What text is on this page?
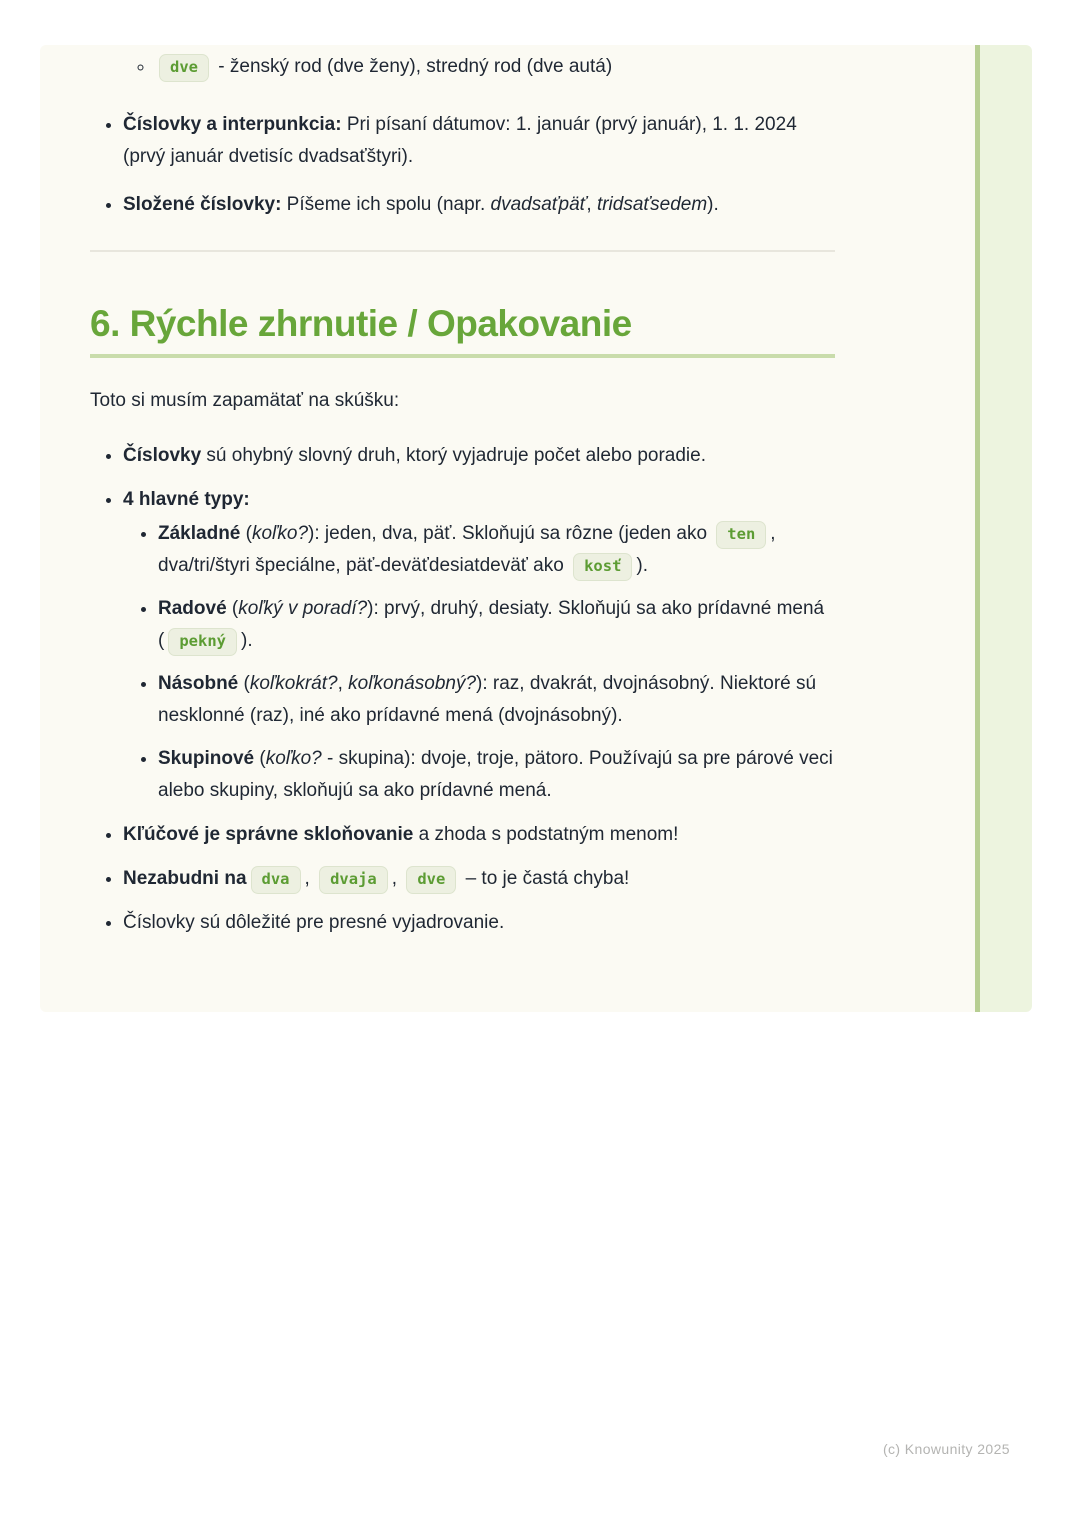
◦ dve - ženský rod (dve ženy), stredný rod (dve autá)
• Číslovky a interpunkcia: Pri písaní dátumov: 1. január (prvý január), 1. 1. 2024 (prvý január dvetisíc dvadsaťštyri).
• Složené číslovky: Píšeme ich spolu (napr. dvadsaťpäť, tridsaťsedem).
6. Rýchle zhrnutie / Opakovanie

Toto si musím zapamätať na skúšku:

• Číslovky sú ohybný slovný druh, ktorý vyjadruje počet alebo poradie.
• 4 hlavné typy:
• Základné (koľko?): jeden, dva, päť. Skloňujú sa rôzne (jeden ako ten , dva/tri/štyri špeciálne, päť-deväťdesiatdeväť ako kosť ).
• Radové (koľký v poradí?): prvý, druhý, desiaty. Skloňujú sa ako prídavné mená ( pekný ).
• Násobné (koľkokrát?, koľkonásobný?): raz, dvakrát, dvojnásobný. Niektoré sú nesklonné (raz), iné ako prídavné mená (dvojnásobný).
• Skupinové (koľko? - skupina): dvoje, troje, pätoro. Používajú sa pre párové veci alebo skupiny, skloňujú sa ako prídavné mená.
• Kľúčové je správne skloňovanie a zhoda s podstatným menom!
• Nezabudni na dva , dvaja , dve – to je častá chyba!
• Číslovky sú dôležité pre presné vyjadrovanie.
(c) Knowunity 2025
